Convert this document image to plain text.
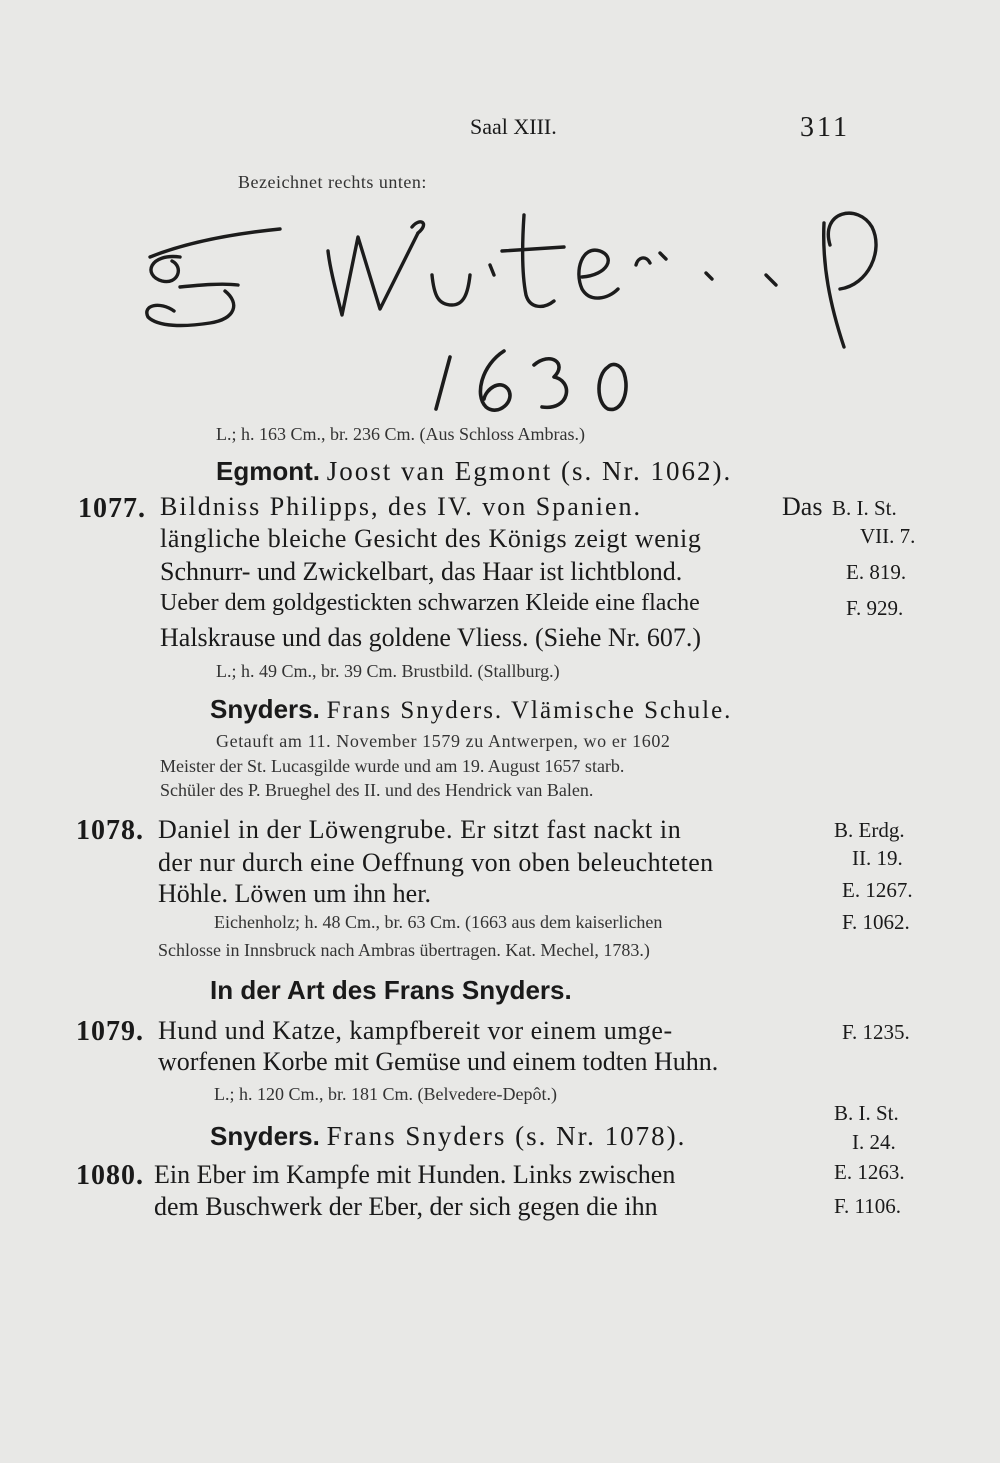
Saal XIII.	311
Bezeichnet rechts unten:
L.; h. 163 Cm., br. 236 Cm. (Aus Schloss Ambras.)
Egmont. Joost van Egmont (s. Nr. 1062).
1077. Bildniss Philipps, des IV. von Spanien.	Das
längliche bleiche Gesicht des Königs zeigt wenig
Schnurr- und Zwickelbart, das Haar ist lichtblond.
Ueber dem goldgestickten schwarzen Kleide eine flache
Halskrause und das goldene Vliess. (Siehe Nr. 607.)
L.; h. 49 Cm., br. 39 Cm. Brustbild. (Stallburg.)
B. I. St.
VII. 7.
E. 819.
F. 929.
Snyders. Frans Snyders. Vlämische Schule.
Getauft am 11. November 1579 zu Antwerpen, wo er 1602
Meister der St. Lucasgilde wurde und am 19. August 1657 starb.
Schüler des P. Brueghel des II. und des Hendrick van Balen.
1078. Daniel in der Löwengrube. Er sitzt fast nackt in
der nur durch eine Oeffnung von oben beleuchteten
Höhle. Löwen um ihn her.
Eichenholz; h. 48 Cm., br. 63 Cm. (1663 aus dem kaiserlichen
Schlosse in Innsbruck nach Ambras übertragen. Kat. Mechel, 1783.)
B. Erdg.
II. 19.
E. 1267.
F. 1062.
In der Art des Frans Snyders.
1079. Hund und Katze, kampfbereit vor einem umge-
worfenen Korbe mit Gemüse und einem todten Huhn.
L.; h. 120 Cm., br. 181 Cm. (Belvedere-Depôt.)
F. 1235.
B. I. St.
I. 24.
Snyders. Frans Snyders (s. Nr. 1078).
1080. Ein Eber im Kampfe mit Hunden. Links zwischen
dem Buschwerk der Eber, der sich gegen die ihn
E. 1263.
F. 1106.
